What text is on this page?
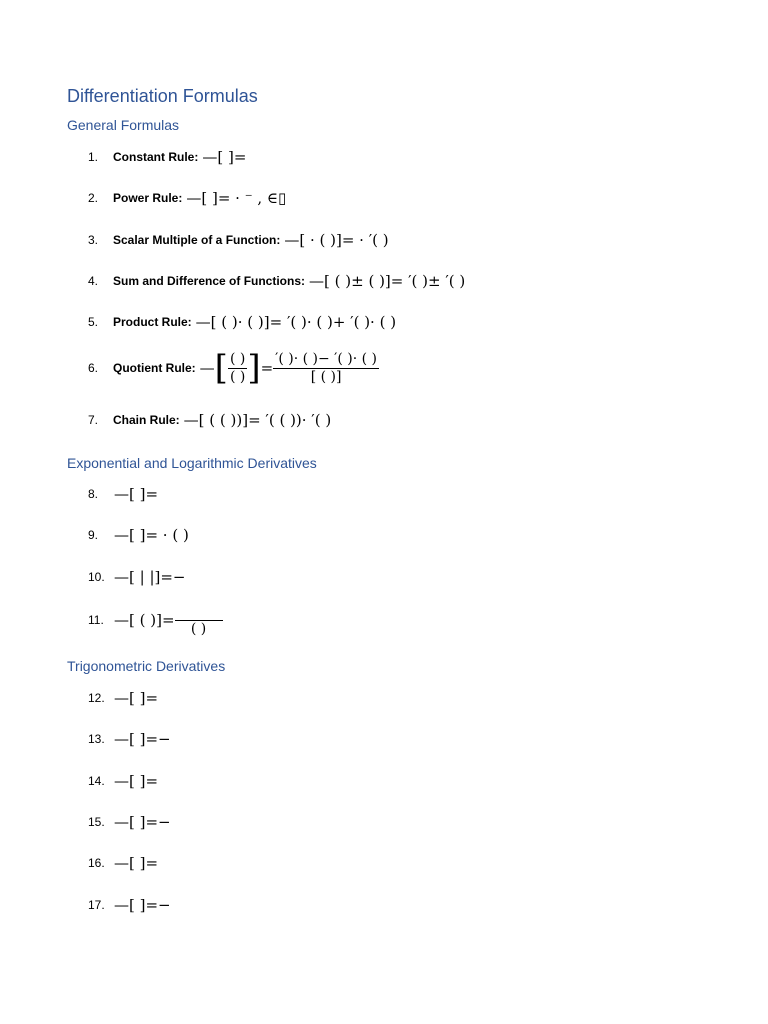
Differentiation Formulas
General Formulas
1.	Constant Rule: —[ ]=
2.	Power Rule: —[ ]= · ⁻ , ∈▯
3.	Scalar Multiple of a Function: —[ · ( )]= · ′( )
4.	Sum and Difference of Functions: —[ ( )± ( )]= ′( )± ′( )
5.	Product Rule: —[ ( )· ( )]= ′( )· ( )+ ′( )· ( )
6.	Quotient Rule: — [ $\frac{( )}{( )}$ ] = $\frac{'( )\cdot ( )- '( )\cdot ( )}{[ ( )]}$
7.	Chain Rule: —[ ( ( ))]= ′( ( ))· ′( )
Exponential and Logarithmic Derivatives
8.	—[ ]=
9.	—[ ]= · ( )
10. —[ | |]=−
11. —[ ( )]= ( )
Trigonometric Derivatives
12. —[ ]=
13. —[ ]=−
14. —[ ]=
15. —[ ]=−
16. —[ ]=
17. —[ ]=−
